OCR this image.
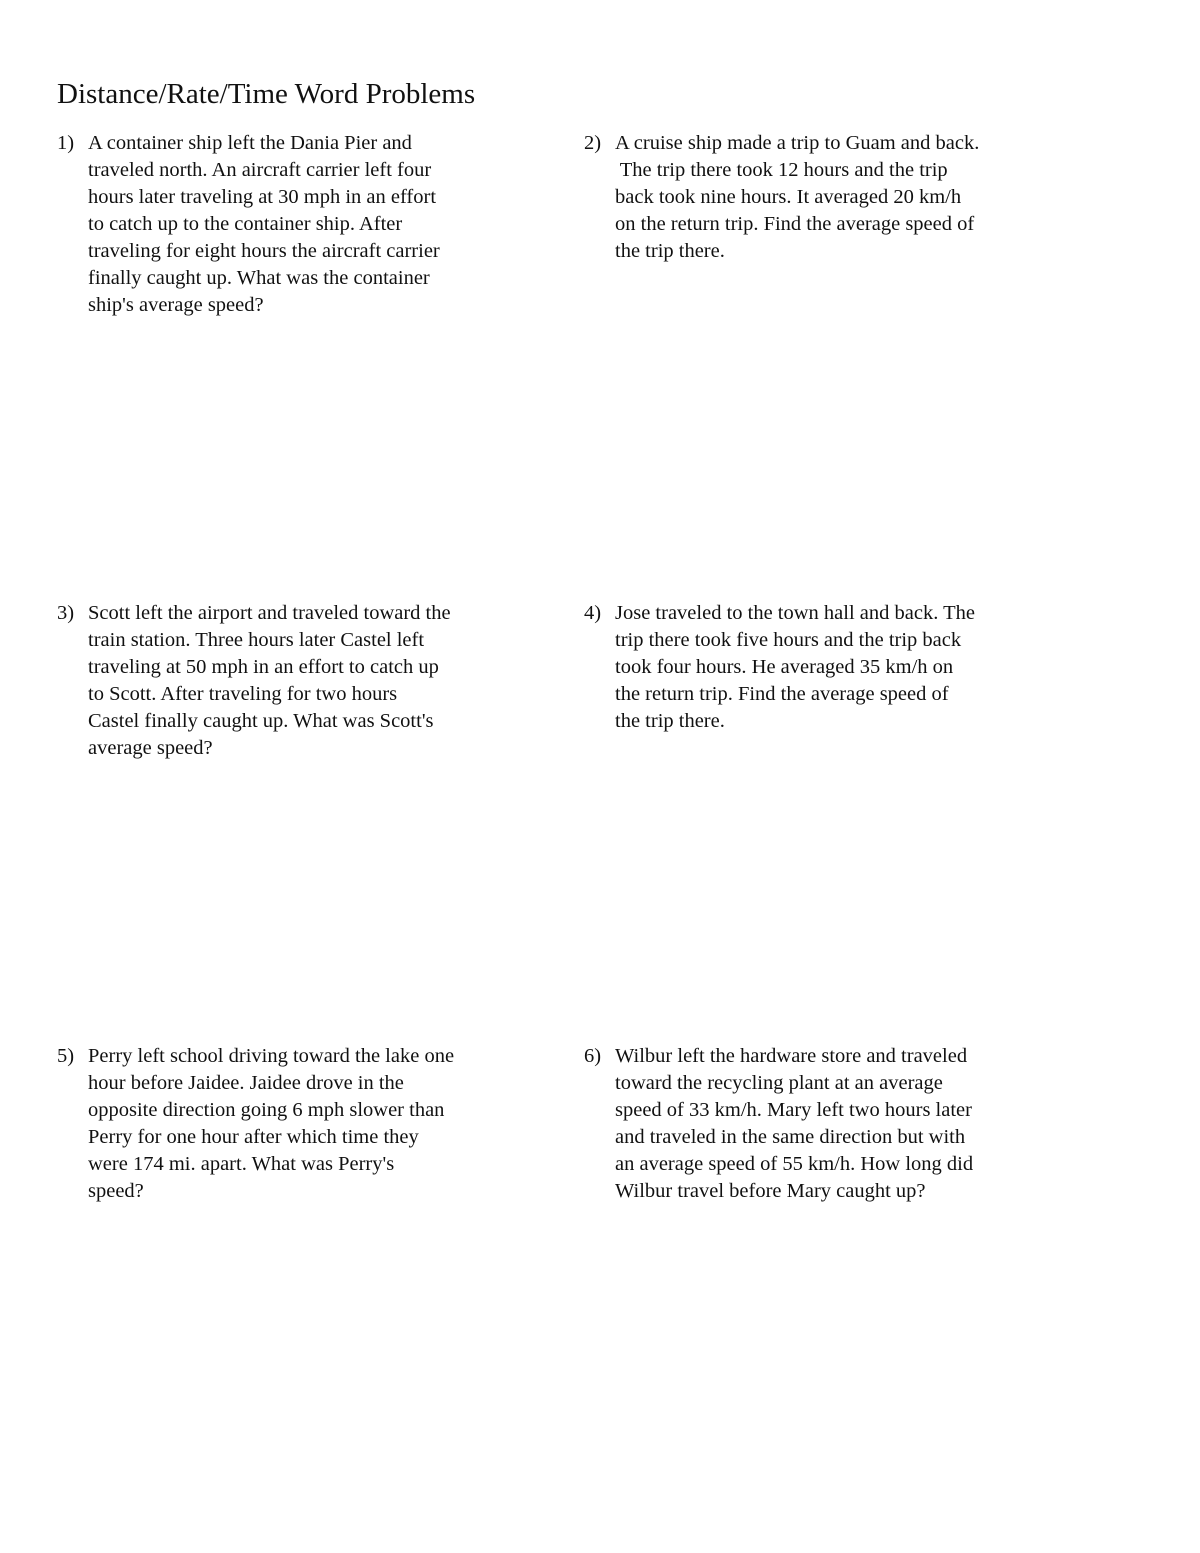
Distance/Rate/Time Word Problems
1) A container ship left the Dania Pier and
traveled north. An aircraft carrier left four
hours later traveling at 30 mph in an effort
to catch up to the container ship. After
traveling for eight hours the aircraft carrier
finally caught up. What was the container
ship's average speed?
2) A cruise ship made a trip to Guam and back.
The trip there took 12 hours and the trip
back took nine hours. It averaged 20 km/h
on the return trip. Find the average speed of
the trip there.
3) Scott left the airport and traveled toward the
train station. Three hours later Castel left
traveling at 50 mph in an effort to catch up
to Scott. After traveling for two hours
Castel finally caught up. What was Scott's
average speed?
4) Jose traveled to the town hall and back. The
trip there took five hours and the trip back
took four hours. He averaged 35 km/h on
the return trip. Find the average speed of
the trip there.
5) Perry left school driving toward the lake one
hour before Jaidee. Jaidee drove in the
opposite direction going 6 mph slower than
Perry for one hour after which time they
were 174 mi. apart. What was Perry's
speed?
6) Wilbur left the hardware store and traveled
toward the recycling plant at an average
speed of 33 km/h. Mary left two hours later
and traveled in the same direction but with
an average speed of 55 km/h. How long did
Wilbur travel before Mary caught up?
